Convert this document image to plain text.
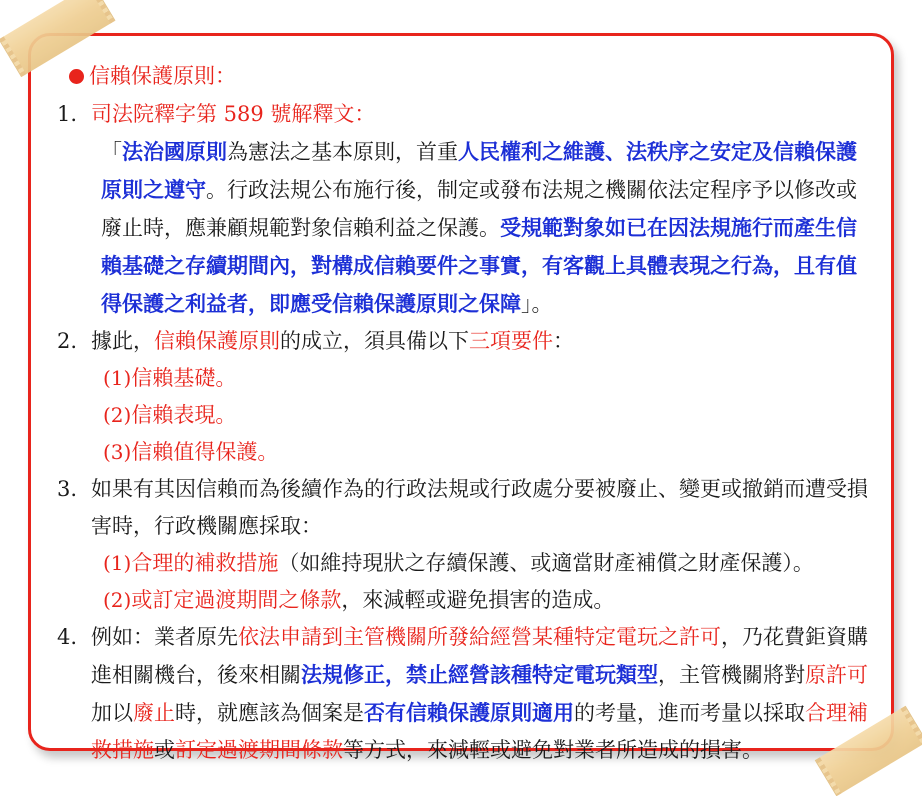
信賴保護原則：
1. 司法院釋字第 589 號解釋文：

「法治國原則為憲法之基本原則，首重人民權利之維護、法秩序之安定及信賴保護原則之遵守。行政法規公布施行後，制定或發布法規之機關依法定程序予以修改或廢止時，應兼顧規範對象信賴利益之保護。受規範對象如已在因法規施行而產生信賴基礎之存續期間內，對構成信賴要件之事實，有客觀上具體表現之行為，且有值得保護之利益者，即應受信賴保護原則之保障」。

2. 據此，信賴保護原則的成立，須具備以下三項要件：

(1) 信賴基礎。
(2) 信賴表現。
(3) 信賴值得保護。
3. 如果有其因信賴而為後續作為的行政法規或行政處分要被廢止、變更或撤銷而遭受損害時，行政機關應採取：

(1) 合理的補救措施（如維持現狀之存續保護、或適當財產補償之財產保護）。
(2) 或訂定過渡期間之條款，來減輕或避免損害的造成。
4. 例如：業者原先依法申請到主管機關所發給經營某種特定電玩之許可，乃花費鉅資購進相關機台，後來相關法規修正，禁止經營該種特定電玩類型，主管機關將對原許可加以廢止時，就應該為個案是否有信賴保護原則適用的考量，進而考量以採取合理補救措施或訂定過渡期間條款等方式，來減輕或避免對業者所造成的損害。
